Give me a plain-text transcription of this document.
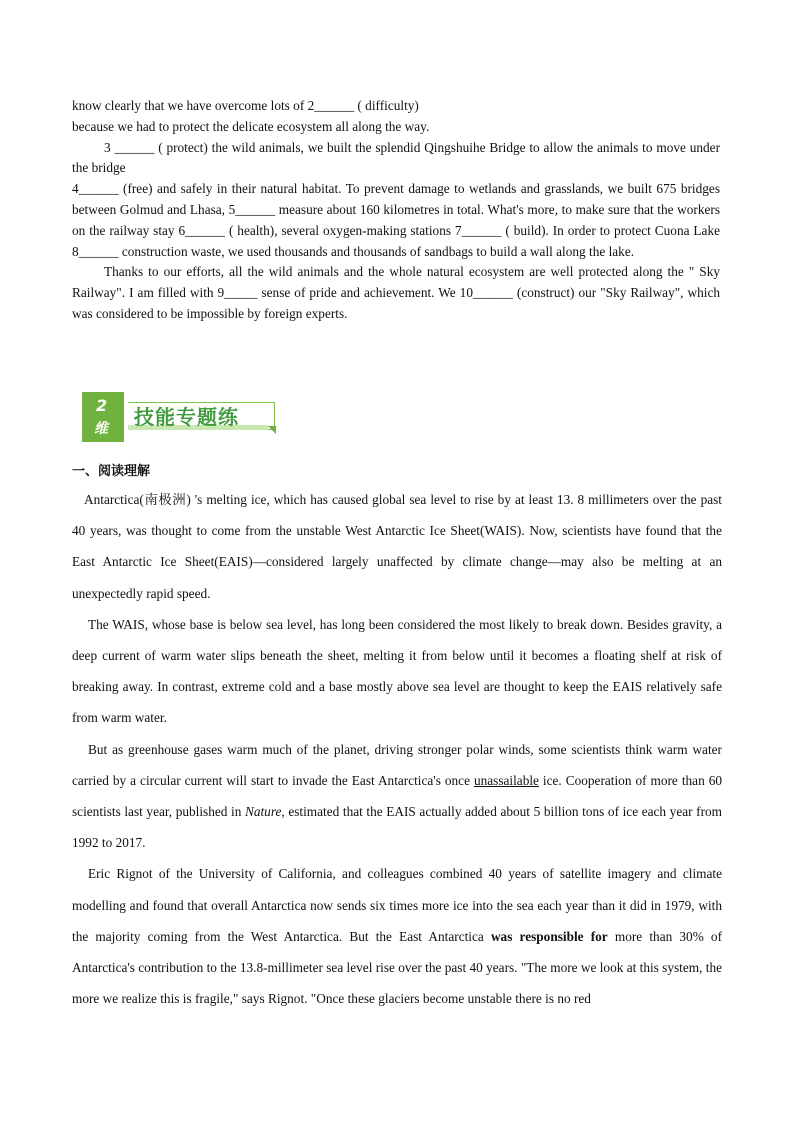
know clearly that we have overcome lots of 2______ ( difficulty)

because we had to protect the delicate ecosystem all along the way.

3 ______ ( protect) the wild animals, we built the splendid Qingshuihe Bridge to allow the animals to move under the bridge

4______ (free) and safely in their natural habitat. To prevent damage to wetlands and grasslands, we built 675 bridges between Golmud and Lhasa, 5______ measure about 160 kilometres in total. What's more, to make sure that the workers on the railway stay 6______ ( health), several oxygen-making stations 7______ ( build). In order to protect Cuona Lake 8______ construction waste, we used thousands and thousands of sandbags to build a wall along the lake.

Thanks to our efforts, all the wild animals and the whole natural ecosystem are well protected along the " Sky Railway". I am filled with 9_____ sense of pride and achievement. We 10______ (construct) our "Sky Railway", which was considered to be impossible by foreign experts.

2
维 技能专题练
一、阅读理解

Antarctica(南极洲) 's melting ice, which has caused global sea level to rise by at least 13. 8 millimeters over the past 40 years, was thought to come from the unstable West Antarctic Ice Sheet(WAIS). Now, scientists have found that the East Antarctic Ice Sheet(EAIS)—considered largely unaffected by climate change—may also be melting at an unexpectedly rapid speed.

The WAIS, whose base is below sea level, has long been considered the most likely to break down. Besides gravity, a deep current of warm water slips beneath the sheet, melting it from below until it becomes a floating shelf at risk of breaking away. In contrast, extreme cold and a base mostly above sea level are thought to keep the EAIS relatively safe from warm water.

But as greenhouse gases warm much of the planet, driving stronger polar winds, some scientists think warm water carried by a circular current will start to invade the East Antarctica's once unassailable ice. Cooperation of more than 60 scientists last year, published in Nature, estimated that the EAIS actually added about 5 billion tons of ice each year from 1992 to 2017.

Eric Rignot of the University of California, and colleagues combined 40 years of satellite imagery and climate modelling and found that overall Antarctica now sends six times more ice into the sea each year than it did in 1979, with the majority coming from the West Antarctica. But the East Antarctica was responsible for more than 30% of Antarctica's contribution to the 13.8-millimeter sea level rise over the past 40 years. "The more we look at this system, the more we realize this is fragile," says Rignot. "Once these glaciers become unstable there is no red
